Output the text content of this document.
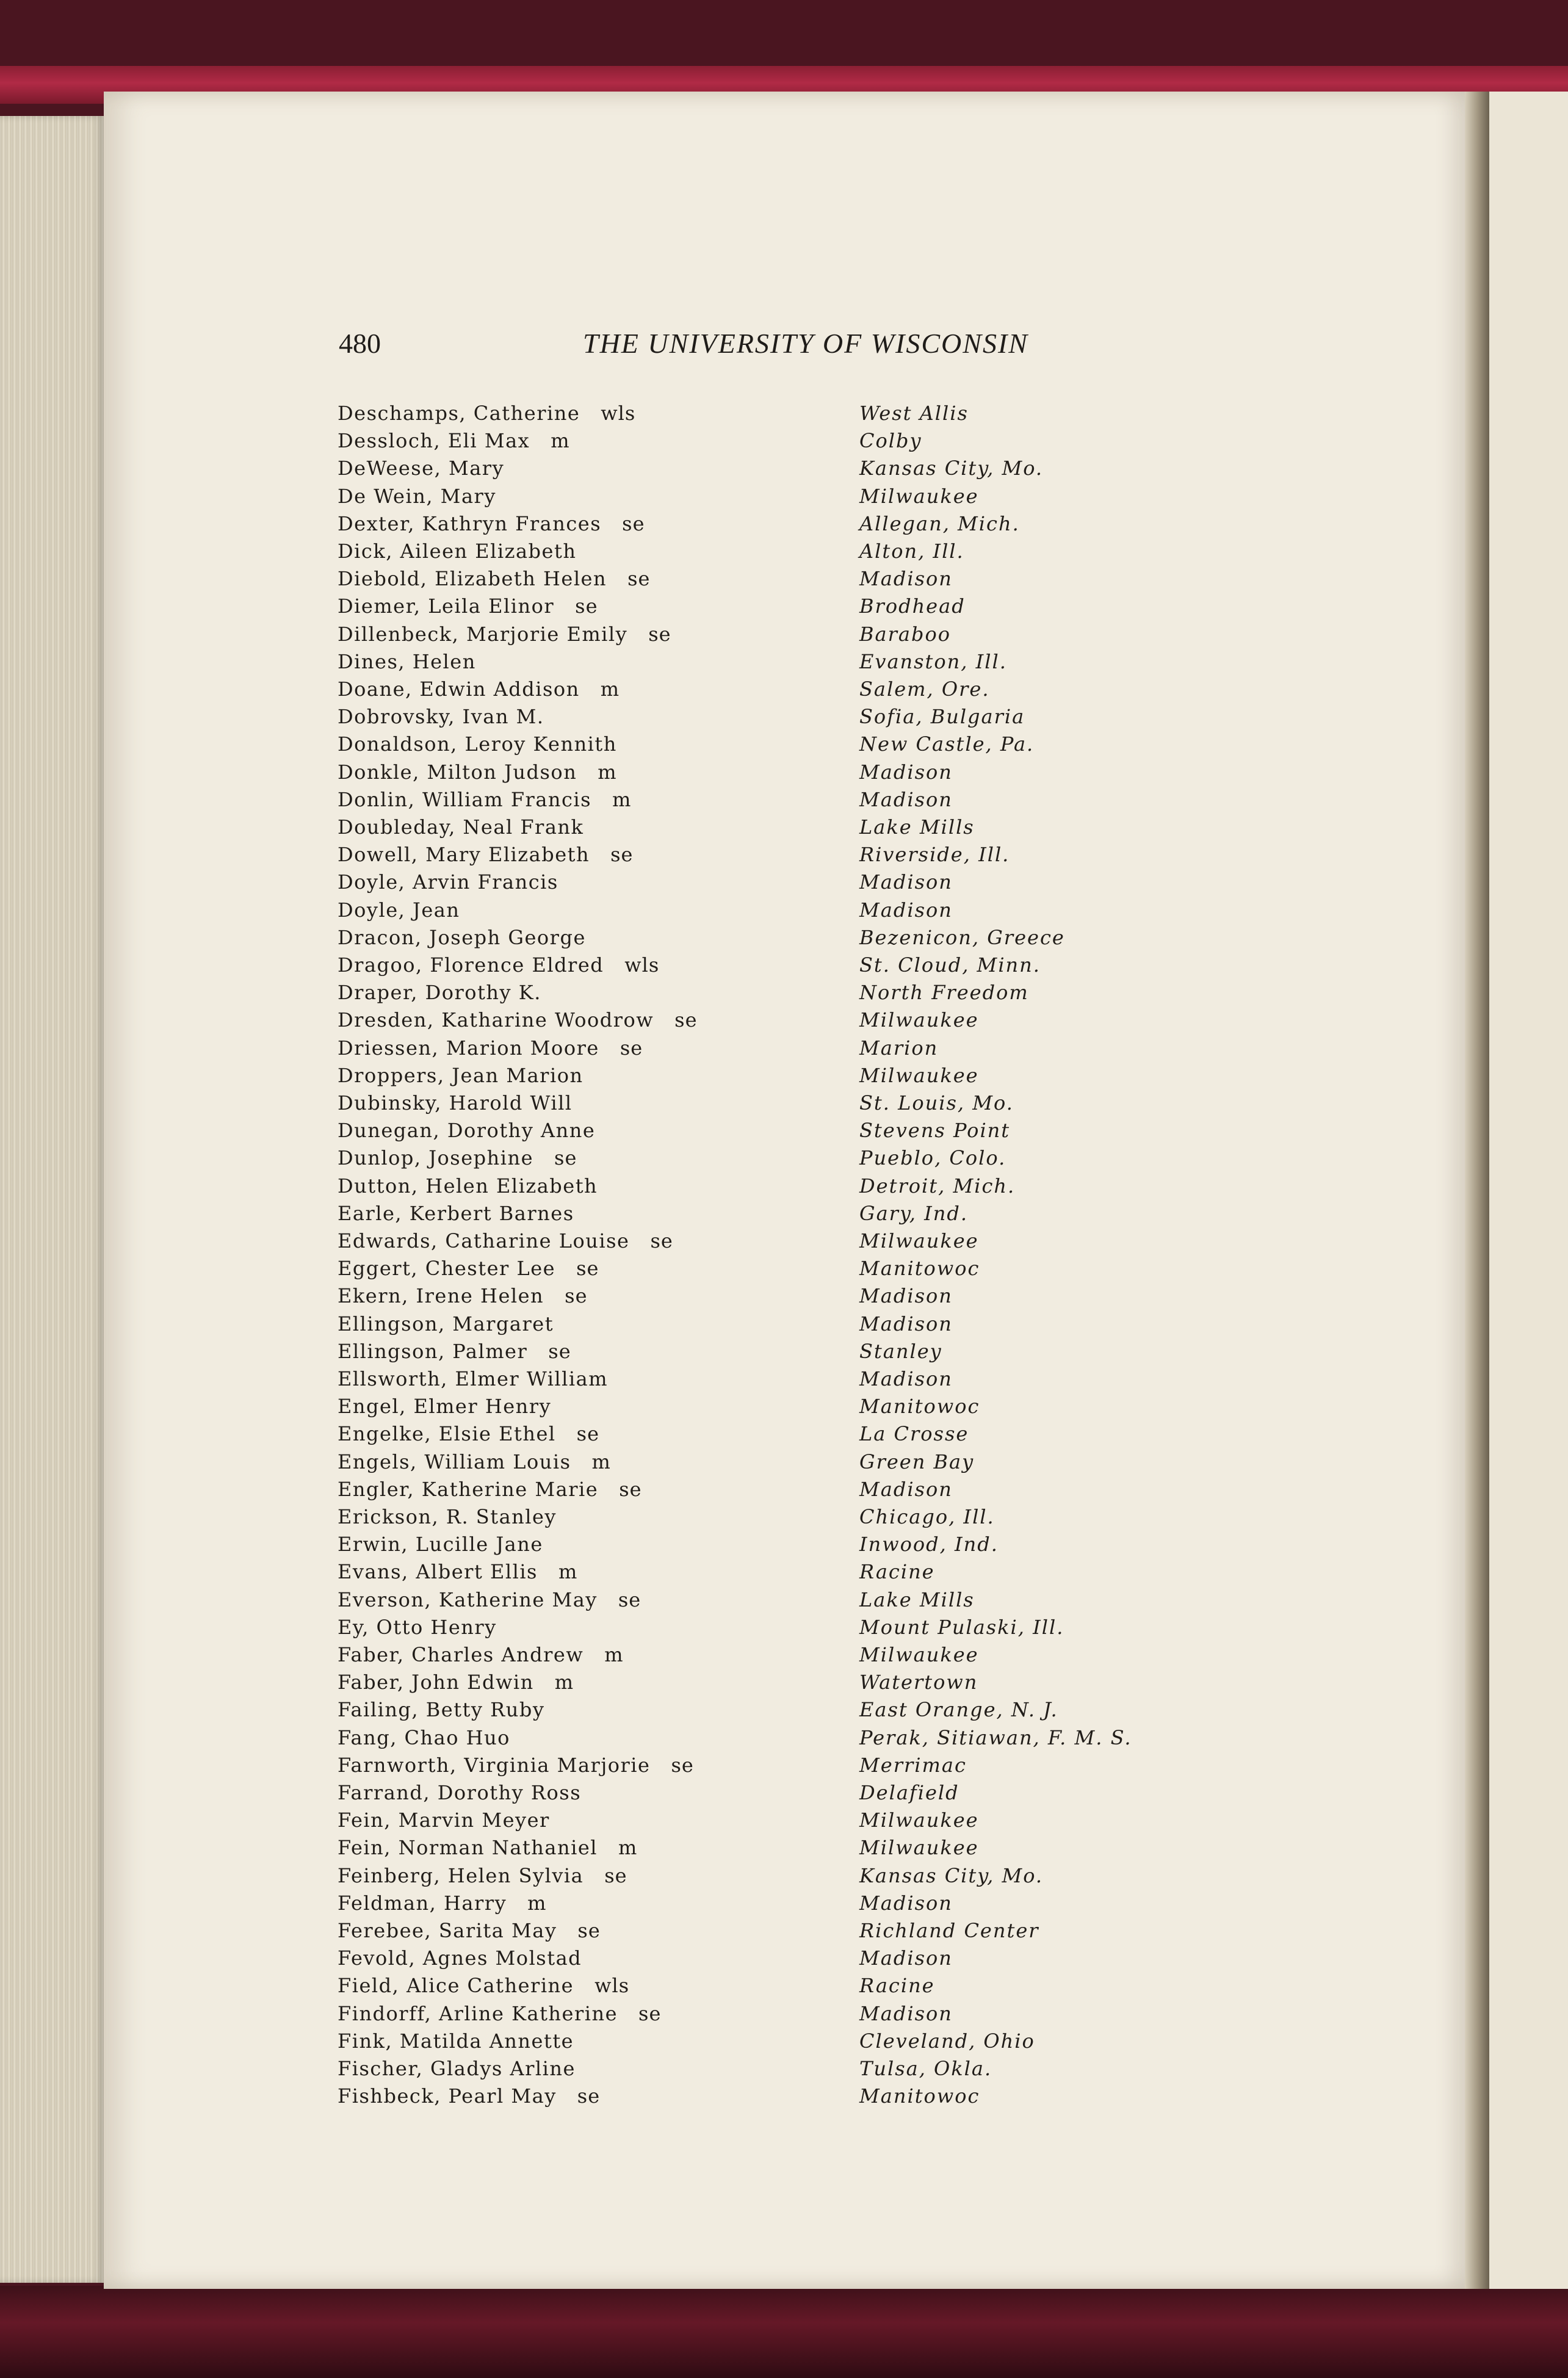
480	THE UNIVERSITY OF WISCONSIN
Deschamps, Catherine wls	West Allis
Dessloch, Eli Max m	Colby
DeWeese, Mary	Kansas City, Mo.
De Wein, Mary	Milwaukee
Dexter, Kathryn Frances se	Allegan, Mich.
Dick, Aileen Elizabeth	Alton, Ill.
Diebold, Elizabeth Helen se	Madison
Diemer, Leila Elinor se	Brodhead
Dillenbeck, Marjorie Emily se	Baraboo
Dines, Helen	Evanston, Ill.
Doane, Edwin Addison m	Salem, Ore.
Dobrovsky, Ivan M.	Sofia, Bulgaria
Donaldson, Leroy Kennith	New Castle, Pa.
Donkle, Milton Judson m	Madison
Donlin, William Francis m	Madison
Doubleday, Neal Frank	Lake Mills
Dowell, Mary Elizabeth se	Riverside, Ill.
Doyle, Arvin Francis	Madison
Doyle, Jean	Madison
Dracon, Joseph George	Bezenicon, Greece
Dragoo, Florence Eldred wls	St. Cloud, Minn.
Draper, Dorothy K.	North Freedom
Dresden, Katharine Woodrow se	Milwaukee
Driessen, Marion Moore se	Marion
Droppers, Jean Marion	Milwaukee
Dubinsky, Harold Will	St. Louis, Mo.
Dunegan, Dorothy Anne	Stevens Point
Dunlop, Josephine se	Pueblo, Colo.
Dutton, Helen Elizabeth	Detroit, Mich.
Earle, Kerbert Barnes	Gary, Ind.
Edwards, Catharine Louise se	Milwaukee
Eggert, Chester Lee se	Manitowoc
Ekern, Irene Helen se	Madison
Ellingson, Margaret	Madison
Ellingson, Palmer se	Stanley
Ellsworth, Elmer William	Madison
Engel, Elmer Henry	Manitowoc
Engelke, Elsie Ethel se	La Crosse
Engels, William Louis m	Green Bay
Engler, Katherine Marie se	Madison
Erickson, R. Stanley	Chicago, Ill.
Erwin, Lucille Jane	Inwood, Ind.
Evans, Albert Ellis m	Racine
Everson, Katherine May se	Lake Mills
Ey, Otto Henry	Mount Pulaski, Ill.
Faber, Charles Andrew m	Milwaukee
Faber, John Edwin m	Watertown
Failing, Betty Ruby	East Orange, N. J.
Fang, Chao Huo	Perak, Sitiawan, F. M. S.
Farnworth, Virginia Marjorie se	Merrimac
Farrand, Dorothy Ross	Delafield
Fein, Marvin Meyer	Milwaukee
Fein, Norman Nathaniel m	Milwaukee
Feinberg, Helen Sylvia se	Kansas City, Mo.
Feldman, Harry m	Madison
Ferebee, Sarita May se	Richland Center
Fevold, Agnes Molstad	Madison
Field, Alice Catherine wls	Racine
Findorff, Arline Katherine se	Madison
Fink, Matilda Annette	Cleveland, Ohio
Fischer, Gladys Arline	Tulsa, Okla.
Fishbeck, Pearl May se	Manitowoc
